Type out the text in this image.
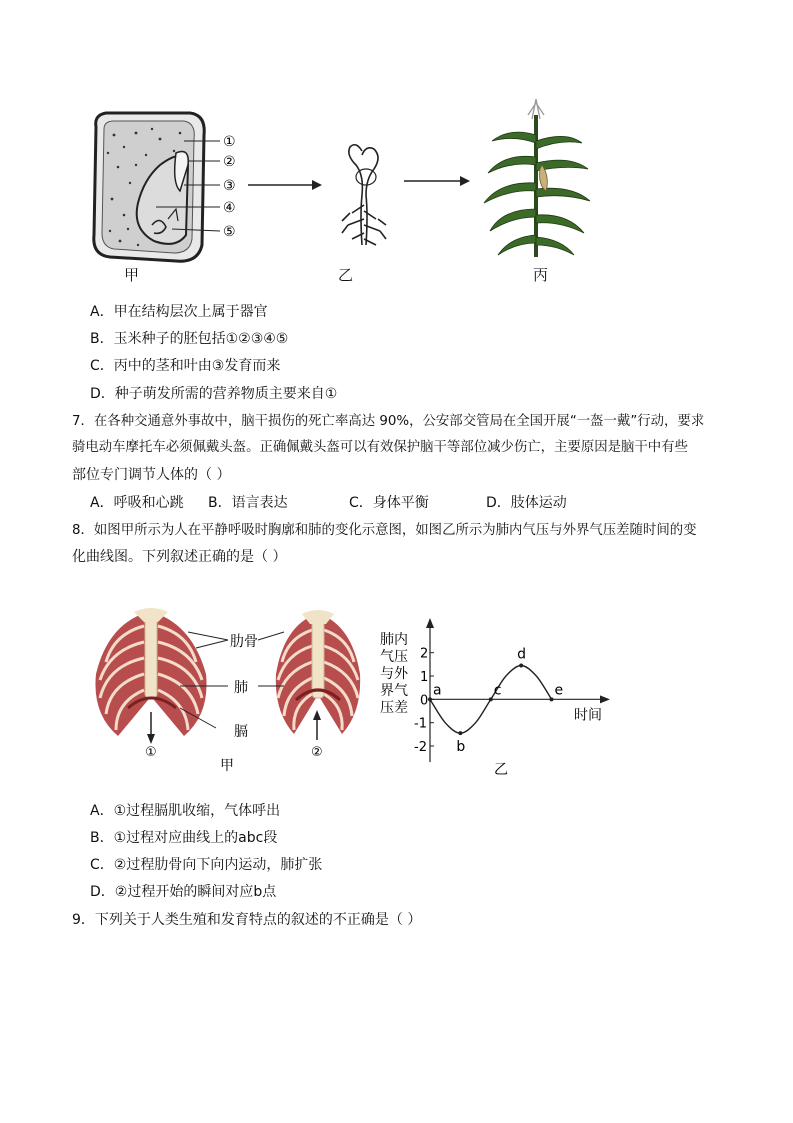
①
②
③
④
⑤
甲	乙	丙
A．甲在结构层次上属于器官
B．玉米种子的胚包括①②③④⑤
C．丙中的茎和叶由③发育而来
D．种子萌发所需的营养物质主要来自①
7．在各种交通意外事故中，脑干损伤的死亡率高达 90%，公安部交管局在全国开展“一盔一戴”行动，要求
骑电动车摩托车必须佩戴头盔。正确佩戴头盔可以有效保护脑干等部位减少伤亡，主要原因是脑干中有些
部位专门调节人体的（ ）
A．呼吸和心跳 B．语言表达	C．身体平衡	D．肢体运动
8．如图甲所示为人在平静呼吸时胸廓和肺的变化示意图，如图乙所示为肺内气压与外界气压差随时间的变
化曲线图。下列叙述正确的是（ ）
肋骨
肺
膈
①	②
甲
肺内
气压
与外
界气
压差
2
1
0
-1
-2
a
b
c
d
e
时间
乙
A．①过程膈肌收缩，气体呼出
B．①过程对应曲线上的abc段
C．②过程肋骨向下向内运动，肺扩张
D．②过程开始的瞬间对应b点
9．下列关于人类生殖和发育特点的叙述的不正确是（ ）
